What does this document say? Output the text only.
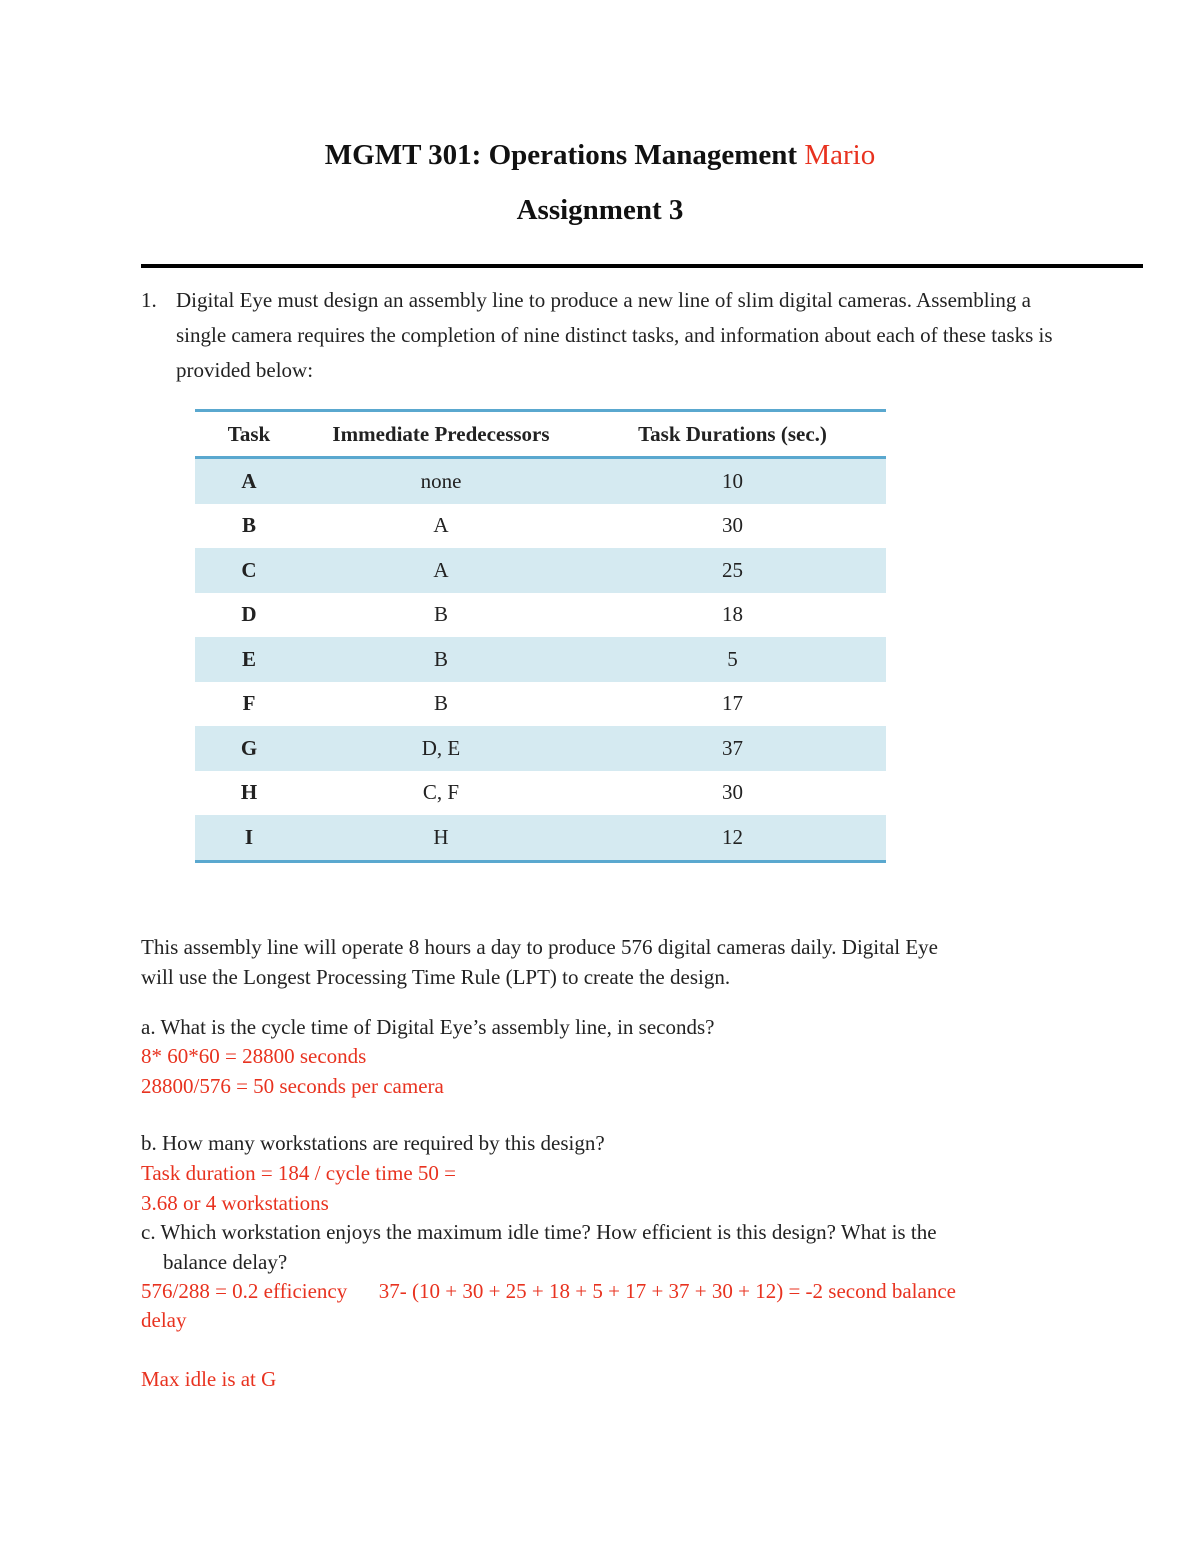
MGMT 301: Operations Management Mario
Assignment 3
1. Digital Eye must design an assembly line to produce a new line of slim digital cameras. Assembling a single camera requires the completion of nine distinct tasks, and information about each of these tasks is provided below:
Task	Immediate Predecessors	Task Durations (sec.)
A	none	10
B	A	30
C	A	25
D	B	18
E	B	5
F	B	17
G	D, E	37
H	C, F	30
I	H	12
This assembly line will operate 8 hours a day to produce 576 digital cameras daily. Digital Eye
will use the Longest Processing Time Rule (LPT) to create the design.
a. What is the cycle time of Digital Eye’s assembly line, in seconds?
8* 60*60 = 28800 seconds
28800/576 = 50 seconds per camera
b. How many workstations are required by this design?
Task duration = 184 / cycle time 50 =
3.68 or 4 workstations
c. Which workstation enjoys the maximum idle time? How efficient is this design? What is the
balance delay?
576/288 = 0.2 efficiency      37- (10 + 30 + 25 + 18 + 5 + 17 + 37 + 30 + 12) = -2 second balance
delay
Max idle is at G
